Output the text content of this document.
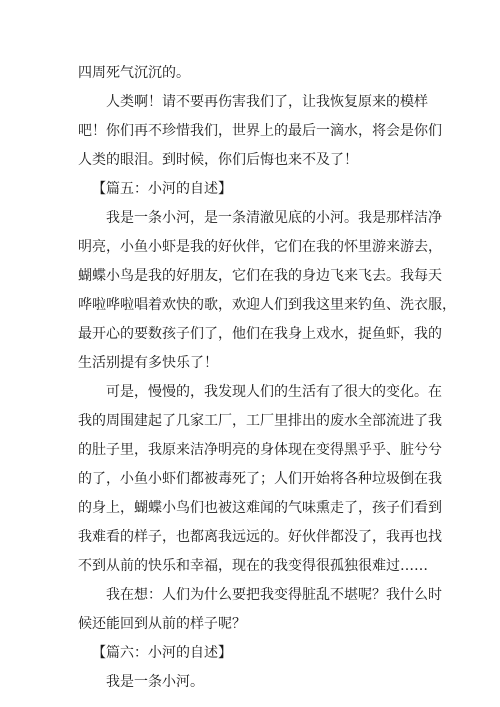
四周死气沉沉的。
人类啊！请不要再伤害我们了，让我恢复原来的模样
吧！你们再不珍惜我们，世界上的最后一滴水，将会是你们
人类的眼泪。到时候，你们后悔也来不及了！
【篇五：小河的自述】
我是一条小河，是一条清澈见底的小河。我是那样洁净
明亮，小鱼小虾是我的好伙伴，它们在我的怀里游来游去，
蝴蝶小鸟是我的好朋友，它们在我的身边飞来飞去。我每天
哗啦哗啦唱着欢快的歌，欢迎人们到我这里来钓鱼、洗衣服，
最开心的要数孩子们了，他们在我身上戏水，捉鱼虾，我的
生活别提有多快乐了！
可是，慢慢的，我发现人们的生活有了很大的变化。在
我的周围建起了几家工厂，工厂里排出的废水全部流进了我
的肚子里，我原来洁净明亮的身体现在变得黑乎乎、脏兮兮
的了，小鱼小虾们都被毒死了；人们开始将各种垃圾倒在我
的身上，蝴蝶小鸟们也被这难闻的气味熏走了，孩子们看到
我难看的样子，也都离我远远的。好伙伴都没了，我再也找
不到从前的快乐和幸福，现在的我变得很孤独很难过……
我在想：人们为什么要把我变得脏乱不堪呢？我什么时
候还能回到从前的样子呢？
【篇六：小河的自述】
我是一条小河。
